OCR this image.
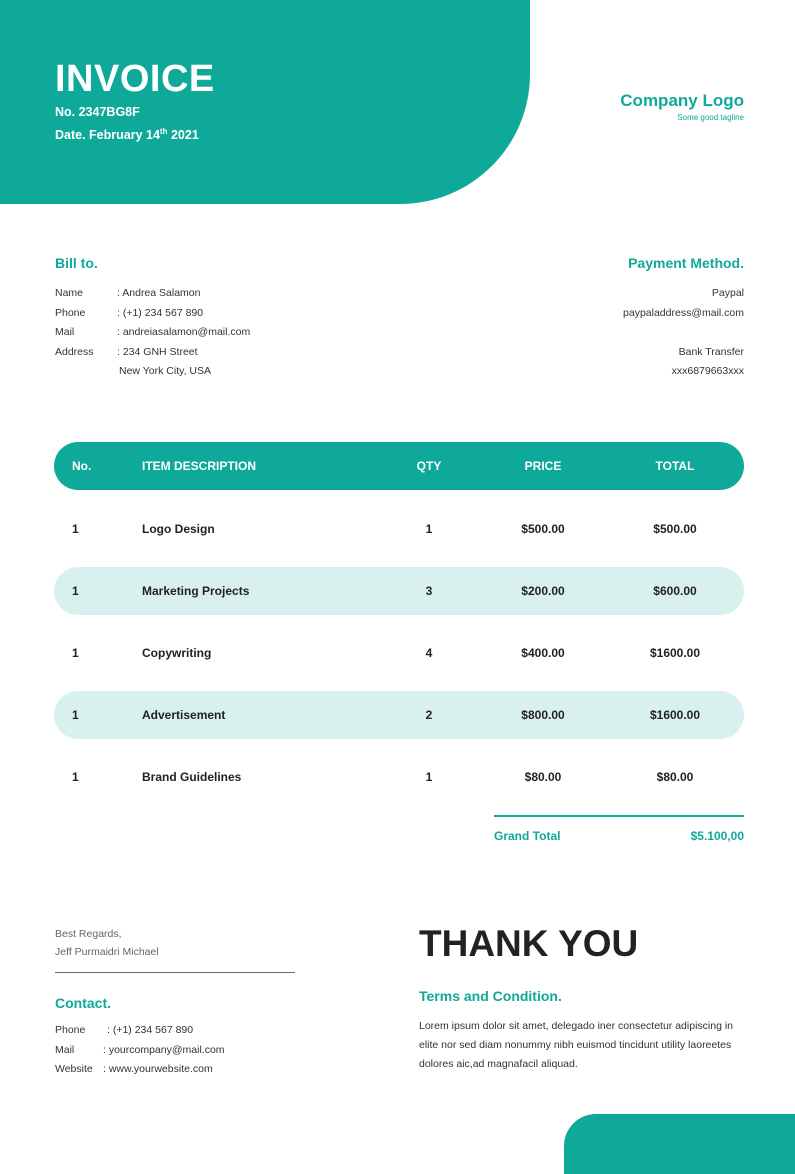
INVOICE
No. 2347BG8F
Date. February 14th 2021
Company Logo
Some good tagline
Bill to.
Name	: Andrea Salamon
Phone	: (+1) 234 567 890
Mail	: andreiasalamon@mail.com
Address	: 234 GNH Street
New York City, USA
Payment Method.
Paypal
paypaladdress@mail.com
Bank Transfer
xxx6879663xxx
No.	ITEM DESCRIPTION	QTY	PRICE	TOTAL
1	Logo Design	1	$500.00	$500.00
1	Marketing Projects	3	$200.00	$600.00
1	Copywriting	4	$400.00	$1600.00
1	Advertisement	2	$800.00	$1600.00
1	Brand Guidelines	1	$80.00	$80.00
Grand Total	$5.100,00
Best Regards,
Jeff Purmaidri Michael
Contact.
Phone	: (+1) 234 567 890
Mail	: yourcompany@mail.com
Website : www.yourwebsite.com
THANK YOU
Terms and Condition.
Lorem ipsum dolor sit amet, delegado iner consectetur adipiscing in elite nor sed diam nonummy nibh euismod tincidunt utility laoreetes dolores aic,ad magnafacil aliquad.
